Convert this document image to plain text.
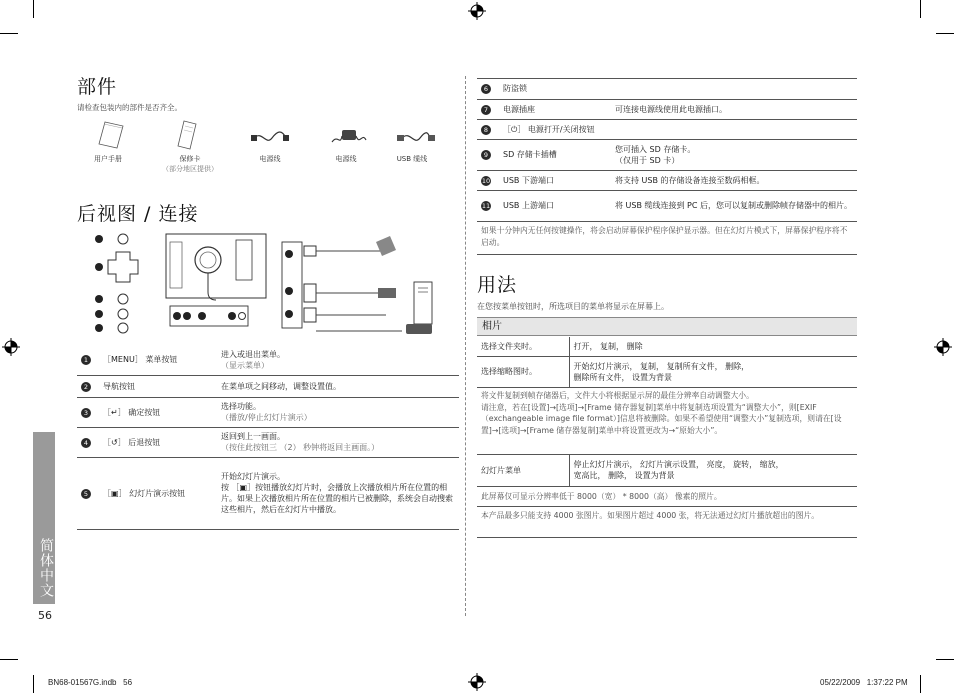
部件
请检查包装内的部件是否齐全。
用户手册	保修卡
（部分地区提供）
电源线	电源线	USB 缆线
后视图 / 连接
1	［MENU］ 菜单按钮	进入或退出菜单。
（显示菜单）
2	导航按钮	在菜单项之间移动，调整设置值。
3	［↵］ 确定按钮	选择功能。
（播放/停止幻灯片演示）
4	［↺］ 后退按钮	返回到上一画面。
（按住此按钮三 （2） 秒钟将返回主画面。）
5	［▣］ 幻灯片演示按钮	开始幻灯片演示。
按 ［▣］按钮播放幻灯片时，会播放上次播放相片所在位置的相片。如果上次播放相片所在位置的相片已被删除，系统会自动搜索这些相片，然后在幻灯片中播放。
简体中文
56
6	防盗锁	
7	电源插座	可连接电源线使用此电源插口。
8	［⏻］ 电源打开/关闭按钮	
9	SD 存储卡插槽	您可插入 SD 存储卡。
（仅用于 SD 卡）
10	USB 下游端口	将支持 USB 的存储设备连接至数码相框。
11	USB 上游端口	将 USB 缆线连接到 PC 后，您可以复制或删除帧存储器中的相片。
如果十分钟内无任何按键操作，将会启动屏幕保护程序保护显示器。但在幻灯片模式下，屏幕保护程序将不启动。
用法
在您按菜单按钮时，所选项目的菜单将显示在屏幕上。
相片
选择文件夹时。	打开， 复制， 删除
选择缩略图时。	开始幻灯片演示， 复制， 复制所有文件， 删除，
删除所有文件， 设置为背景
将文件复制到帧存储器后，文件大小将根据显示屏的最佳分辨率自动调整大小。
请注意，若在[设置]→[选项]→[Frame 储存器复制]菜单中将复制选项设置为“调整大小”，则[EXIF（exchangeable image file format）]信息将被删除。如果不希望使用“调整大小”复制选项，则请在[设置]→[选项]→[Frame 储存器复制]菜单中将设置更改为→“原始大小”。
幻灯片菜单	停止幻灯片演示， 幻灯片演示设置， 亮度， 旋转， 缩放，
宽高比， 删除， 设置为背景
此屏幕仅可显示分辨率低于 8000（宽） * 8000（高） 像素的照片。
本产品最多只能支持 4000 张图片。如果图片超过 4000 张，将无法通过幻灯片播放超出的图片。
BN68-01567G.indb   56	05/22/2009   1:37:22 PM
